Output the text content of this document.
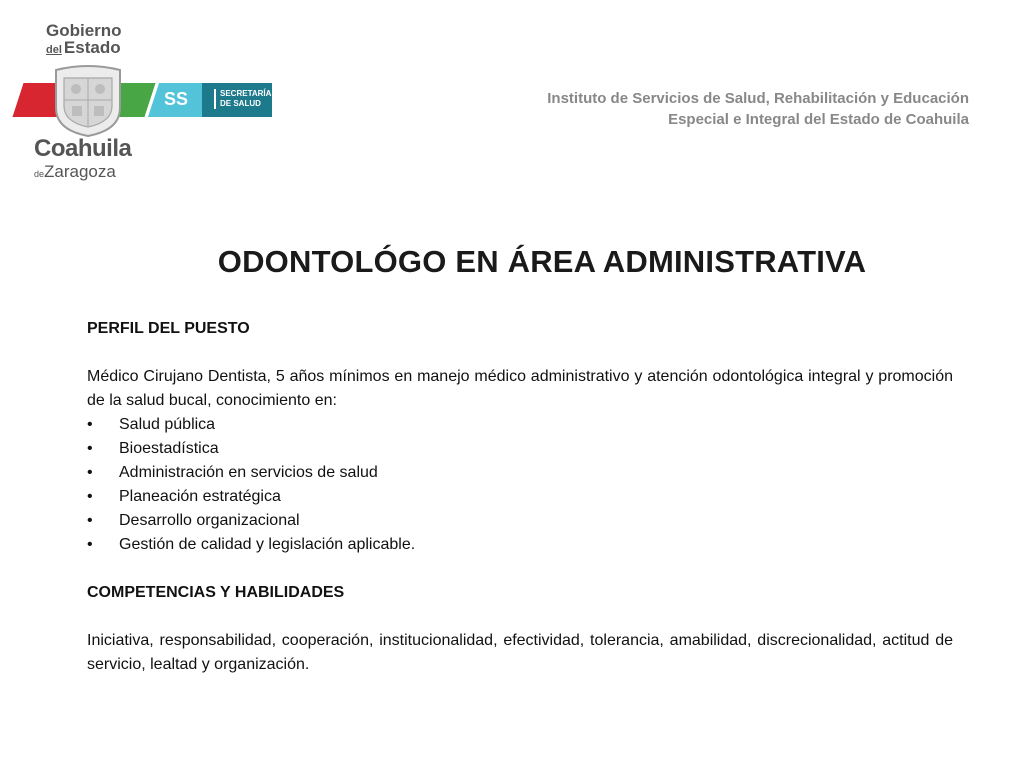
Gobierno
del Estado
Coahuila
deZaragoza
SS	SECRETARÍA
DE SALUD	Instituto de Servicios de Salud, Rehabilitación y Educación
Especial e Integral del Estado de Coahuila
ODONTOLÓGO EN ÁREA ADMINISTRATIVA

PERFIL DEL PUESTO

Médico Cirujano Dentista, 5 años mínimos en manejo médico administrativo y atención odontológica integral y promoción de la salud bucal, conocimiento en:

• Salud pública
• Bioestadística
• Administración en servicios de salud
• Planeación estratégica
• Desarrollo organizacional
• Gestión de calidad y legislación aplicable.

COMPETENCIAS Y HABILIDADES

Iniciativa, responsabilidad, cooperación, institucionalidad, efectividad, tolerancia, amabilidad, discrecionalidad, actitud de servicio, lealtad y organización.
